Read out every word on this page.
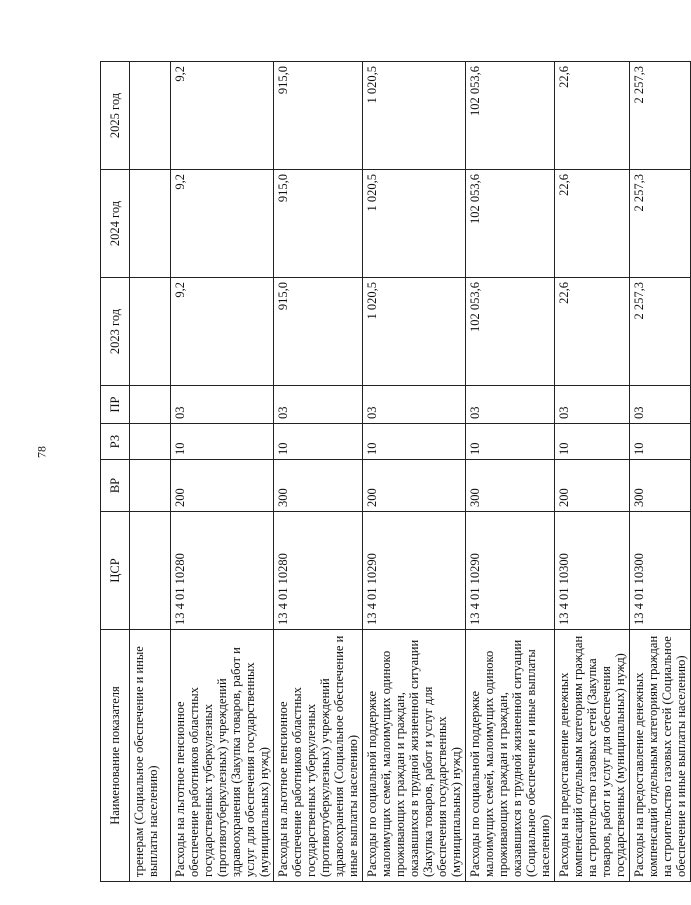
78
Наименование показателя	ЦСР	ВР	РЗ	ПР	2023 год	2024 год	2025 год
тренерам (Социальное обеспечение и иные выплаты населению)							
Расходы на льготное пенсионное обеспечение работников областных государственных туберкулезных (противотуберкулезных) учреждений здравоохранения (Закупка товаров, работ и услуг для обеспечения государственных (муниципальных) нужд)	13 4 01 10280	200	10	03	9,2	9,2	9,2
Расходы на льготное пенсионное обеспечение работников областных государственных туберкулезных (противотуберкулезных) учреждений здравоохранения (Социальное обеспечение и иные выплаты населению)	13 4 01 10280	300	10	03	915,0	915,0	915,0
Расходы по социальной поддержке малоимущих семей, малоимущих одиноко проживающих граждан и граждан, оказавшихся в трудной жизненной ситуации (Закупка товаров, работ и услуг для обеспечения государственных (муниципальных) нужд)	13 4 01 10290	200	10	03	1 020,5	1 020,5	1 020,5
Расходы по социальной поддержке малоимущих семей, малоимущих одиноко проживающих граждан и граждан, оказавшихся в трудной жизненной ситуации (Социальное обеспечение и иные выплаты населению)	13 4 01 10290	300	10	03	102 053,6	102 053,6	102 053,6
Расходы на предоставление денежных компенсаций отдельным категориям граждан на строительство газовых сетей (Закупка товаров, работ и услуг для обеспечения государственных (муниципальных) нужд)	13 4 01 10300	200	10	03	22,6	22,6	22,6
Расходы на предоставление денежных компенсаций отдельным категориям граждан на строительство газовых сетей (Социальное обеспечение и иные выплаты населению)	13 4 01 10300	300	10	03	2 257,3	2 257,3	2 257,3
